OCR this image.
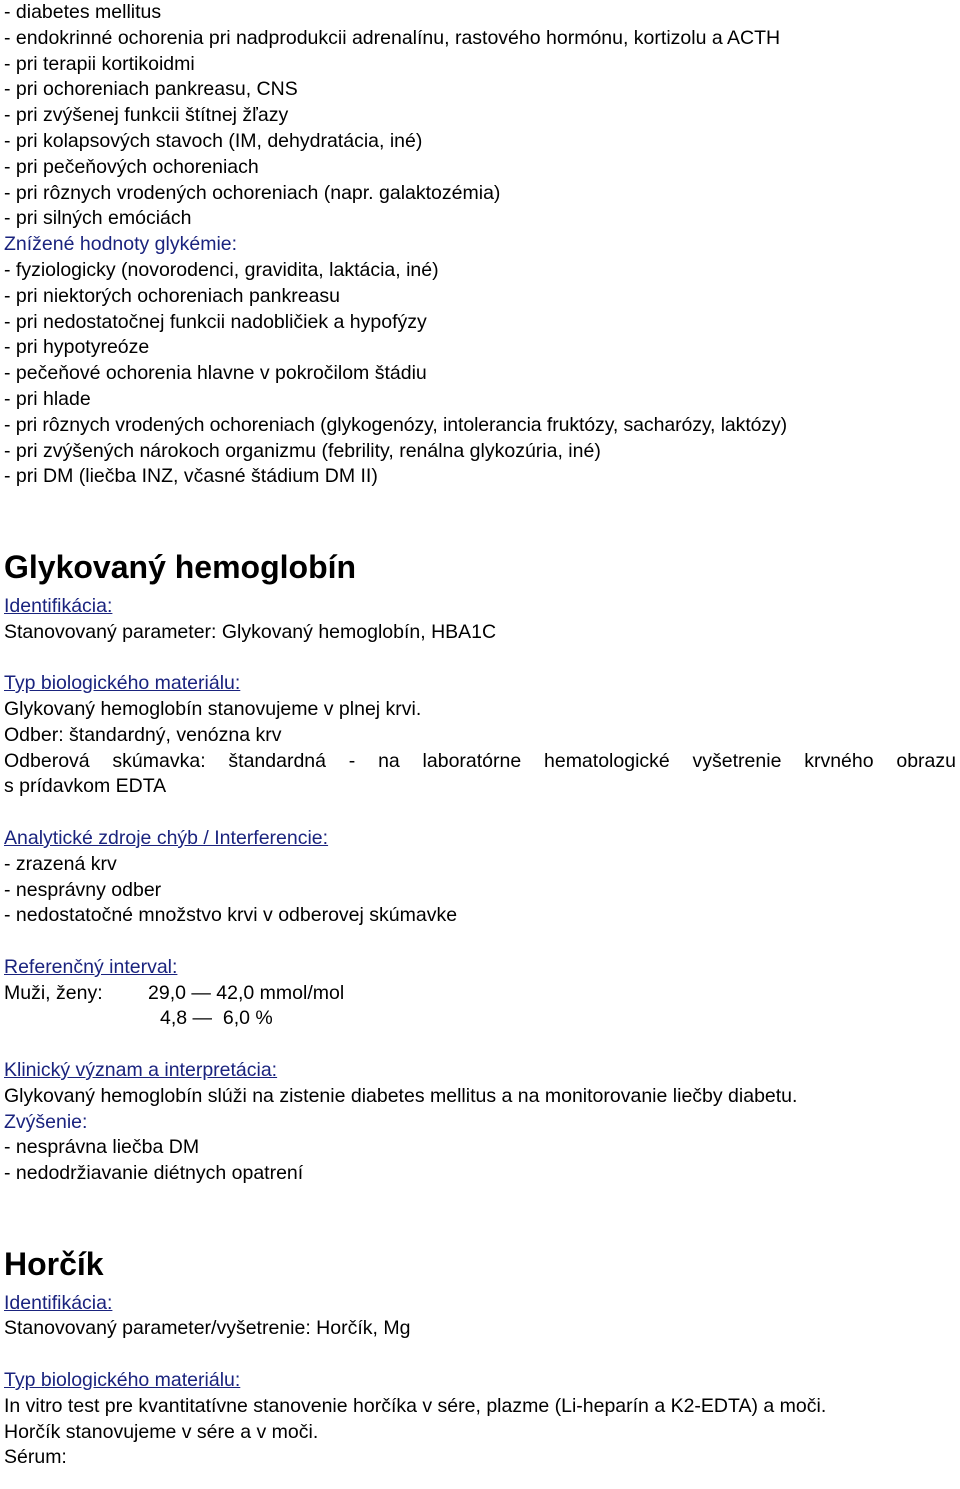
- diabetes mellitus
- endokrinné ochorenia pri nadprodukcii adrenalínu, rastového hormónu, kortizolu a ACTH
- pri terapii kortikoidmi
- pri ochoreniach pankreasu, CNS
- pri zvýšenej funkcii štítnej žľazy
- pri kolapsových stavoch (IM, dehydratácia, iné)
- pri pečeňových ochoreniach
- pri rôznych vrodených ochoreniach (napr. galaktozémia)
- pri silných emóciách
Znížené hodnoty glykémie:
- fyziologicky (novorodenci, gravidita, laktácia, iné)
- pri niektorých ochoreniach pankreasu
- pri nedostatočnej funkcii nadobličiek a hypofýzy
- pri hypotyreóze
- pečeňové ochorenia hlavne v pokročilom štádiu
- pri hlade
- pri rôznych vrodených ochoreniach (glykogenózy, intolerancia fruktózy, sacharózy, laktózy)
- pri zvýšených nárokoch organizmu (febrility, renálna glykozúria, iné)
- pri DM (liečba INZ, včasné štádium DM II)
Glykovaný hemoglobín
Identifikácia:
Stanovovaný parameter: Glykovaný hemoglobín, HBA1C
Typ biologického materiálu:
Glykovaný hemoglobín stanovujeme v plnej krvi.
Odber: štandardný, venózna krv
Odberová skúmavka: štandardná - na laboratórne hematologické vyšetrenie krvného obrazu
s prídavkom EDTA
Analytické zdroje chýb / Interferencie:
- zrazená krv
- nesprávny odber
- nedostatočné množstvo krvi v odberovej skúmavke
Referenčný interval:
Muži, ženy: 29,0 — 42,0 mmol/mol
4,8 —  6,0 %
Klinický význam a interpretácia:
Glykovaný hemoglobín slúži na zistenie diabetes mellitus a na monitorovanie liečby diabetu.
Zvýšenie:
- nesprávna liečba DM
- nedodržiavanie diétnych opatrení
Horčík
Identifikácia:
Stanovovaný parameter/vyšetrenie: Horčík, Mg
Typ biologického materiálu:
In vitro test pre kvantitatívne stanovenie horčíka v sére, plazme (Li-heparín a K2-EDTA) a moči.
Horčík stanovujeme v sére a v moči.
Sérum:
